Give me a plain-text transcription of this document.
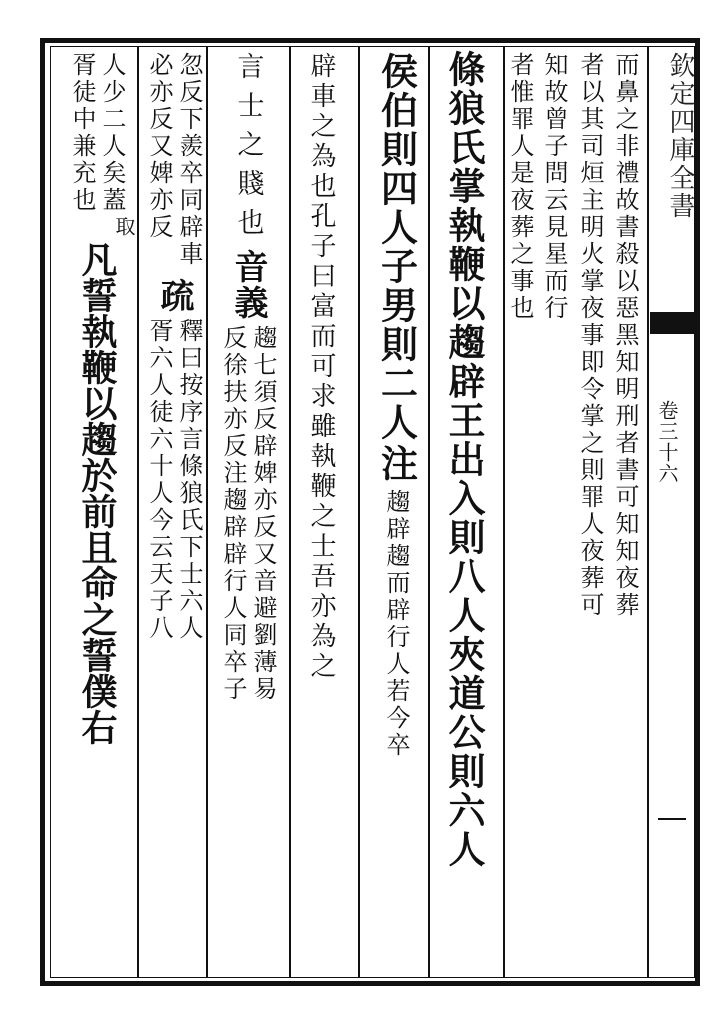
欽定四庫全書
卷三十六
而鼻之非禮故書殺以惡黑知明刑者書可知知夜葬
者以其司烜主明火掌夜事即令掌之則罪人夜葬可
知故曾子問云見星而行
者惟罪人是夜葬之事也
條狼氏掌執鞭以趨辟王出入則八人夾道公則六人
侯伯則四人子男則二人
注
趨辟趨而辟行人若今卒
辟車之為也孔子曰富而可求雖執鞭之士吾亦為之
言士之賤也
音義
趨七須反辟婢亦反又音避劉薄易
反徐扶亦反注趨辟辟行人同卒子
忽反下羨卒同辟車
必亦反又婢亦反
疏
釋曰按序言條狼氏下士六人
胥六人徒六十人今云天子八
人少二人矣蓋
胥徒中兼充也
取
凡誓執鞭以趨於前且命之誓僕右
